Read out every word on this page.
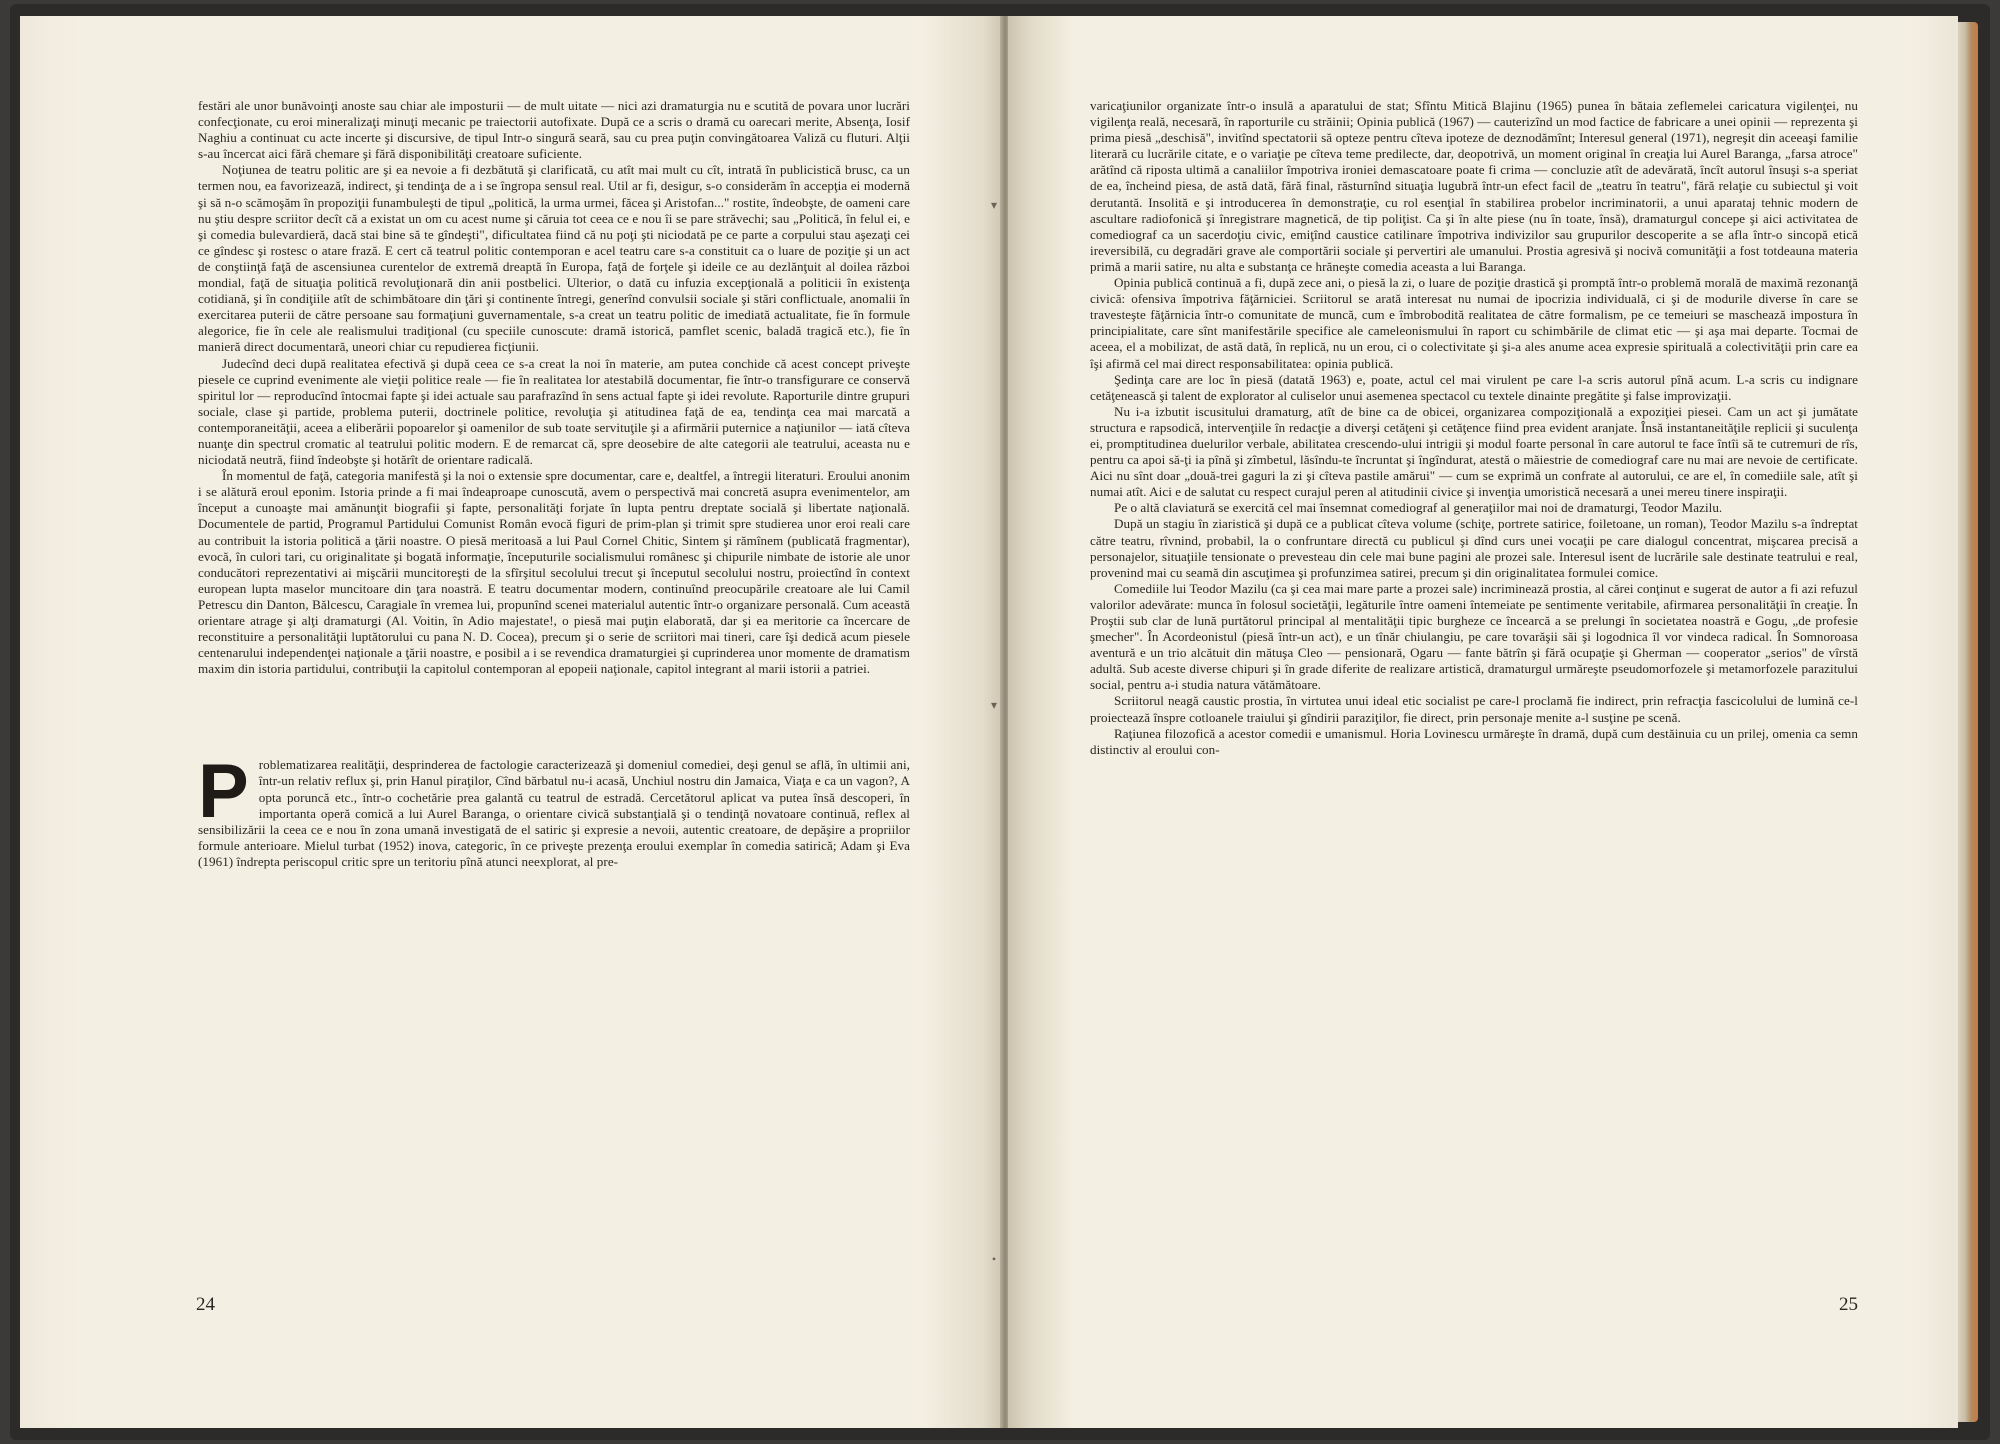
festări ale unor bunăvoinţi anoste sau chiar ale imposturii — de mult uitate — nici azi dramaturgia nu e scutită de povara unor lucrări confecţionate, cu eroi mineralizaţi minuţi mecanic pe traiectorii autofixate. După ce a scris o dramă cu oarecari merite, Absenţa, Iosif Naghiu a continuat cu acte incerte şi discursive, de tipul Intr-o singură seară, sau cu prea puţin convingătoarea Valiză cu fluturi. Alţii s-au încercat aici fără chemare şi fără disponibilităţi creatoare suficiente.

Noţiunea de teatru politic are şi ea nevoie a fi dezbătută şi clarificată, cu atît mai mult cu cît, intrată în publicistică brusc, ca un termen nou, ea favorizează, indirect, şi tendinţa de a i se îngropa sensul real. Util ar fi, desigur, s-o considerăm în accepţia ei modernă şi să n-o scămoşăm în propoziţii funambuleşti de tipul „politică, la urma urmei, făcea şi Aristofan..." rostite, îndeobşte, de oameni care nu ştiu despre scriitor decît că a existat un om cu acest nume şi căruia tot ceea ce e nou îi se pare străvechi; sau „Politică, în felul ei, e şi comedia bulevardieră, dacă stai bine să te gîndeşti", dificultatea fiind că nu poţi şti niciodată pe ce parte a corpului stau aşezaţi cei ce gîndesc şi rostesc o atare frază. E cert că teatrul politic contemporan e acel teatru care s-a constituit ca o luare de poziţie şi un act de conştiinţă faţă de ascensiunea curentelor de extremă dreaptă în Europa, faţă de forţele şi ideile ce au dezlănţuit al doilea război mondial, faţă de situaţia politică revoluţionară din anii postbelici. Ulterior, o dată cu infuzia excepţională a politicii în existenţa cotidiană, şi în condiţiile atît de schimbătoare din ţări şi continente întregi, generînd convulsii sociale şi stări conflictuale, anomalii în exercitarea puterii de către persoane sau formaţiuni guvernamentale, s-a creat un teatru politic de imediată actualitate, fie în formule alegorice, fie în cele ale realismului tradiţional (cu speciile cunoscute: dramă istorică, pamflet scenic, baladă tragică etc.), fie în manieră direct documentară, uneori chiar cu repudierea ficţiunii.

Judecînd deci după realitatea efectivă şi după ceea ce s-a creat la noi în materie, am putea conchide că acest concept priveşte piesele ce cuprind evenimente ale vieţii politice reale — fie în realitatea lor atestabilă documentar, fie într-o transfigurare ce conservă spiritul lor — reproducînd întocmai fapte şi idei actuale sau parafrazînd în sens actual fapte şi idei revolute. Raporturile dintre grupuri sociale, clase şi partide, problema puterii, doctrinele politice, revoluţia şi atitudinea faţă de ea, tendinţa cea mai marcată a contemporaneităţii, aceea a eliberării popoarelor şi oamenilor de sub toate servituţile şi a afirmării puternice a naţiunilor — iată cîteva nuanţe din spectrul cromatic al teatrului politic modern. E de remarcat că, spre deosebire de alte categorii ale teatrului, aceasta nu e niciodată neutră, fiind îndeobşte şi hotărît de orientare radicală.

În momentul de faţă, categoria manifestă şi la noi o extensie spre documentar, care e, dealtfel, a întregii literaturi. Eroului anonim i se alătură eroul eponim. Istoria prinde a fi mai îndeaproape cunoscută, avem o perspectivă mai concretă asupra evenimentelor, am început a cunoaşte mai amănunţit biografii şi fapte, personalităţi forjate în lupta pentru dreptate socială şi libertate naţională. Documentele de partid, Programul Partidului Comunist Român evocă figuri de prim-plan şi trimit spre studierea unor eroi reali care au contribuit la istoria politică a ţării noastre. O piesă meritoasă a lui Paul Cornel Chitic, Sintem şi rămînem (publicată fragmentar), evocă, în culori tari, cu originalitate şi bogată informaţie, începuturile socialismului românesc şi chipurile nimbate de istorie ale unor conducători reprezentativi ai mişcării muncitoreşti de la sfîrşitul secolului trecut şi începutul secolului nostru, proiectînd în context european lupta maselor muncitoare din ţara noastră. E teatru documentar modern, continuînd preocupările creatoare ale lui Camil Petrescu din Danton, Bălcescu, Caragiale în vremea lui, propunînd scenei materialul autentic într-o organizare personală. Cum această orientare atrage şi alţi dramaturgi (Al. Voitin, în Adio majestate!, o piesă mai puţin elaborată, dar şi ea meritorie ca încercare de reconstituire a personalităţii luptătorului cu pana N. D. Cocea), precum şi o serie de scriitori mai tineri, care îşi dedică acum piesele centenarului independenţei naţionale a ţării noastre, e posibil a i se revendica dramaturgiei şi cuprinderea unor momente de dramatism maxim din istoria partidului, contribuţii la capitolul contemporan al epopeii naţionale, capitol integrant al marii istorii a patriei.

Problematizarea realităţii, desprinderea de factologie caracterizează şi domeniul comediei, deşi genul se află, în ultimii ani, într-un relativ reflux şi, prin Hanul piraţilor, Cînd bărbatul nu-i acasă, Unchiul nostru din Jamaica, Viaţa e ca un vagon?, A opta poruncă etc., într-o cochetărie prea galantă cu teatrul de estradă. Cercetătorul aplicat va putea însă descoperi, în importanta operă comică a lui Aurel Baranga, o orientare civică substanţială şi o tendinţă novatoare continuă, reflex al sensibilizării la ceea ce e nou în zona umană investigată de el satiric şi expresie a nevoii, autentic creatoare, de depăşire a propriilor formule anterioare. Mielul turbat (1952) inova, categoric, în ce priveşte prezenţa eroului exemplar în comedia satirică; Adam şi Eva (1961) îndrepta periscopul critic spre un teritoriu pînă atunci neexplorat, al pre-

24
▾
▾
•

varicaţiunilor organizate într-o insulă a aparatului de stat; Sfîntu Mitică Blajinu (1965) punea în bătaia zeflemelei caricatura vigilenţei, nu vigilenţa reală, necesară, în raporturile cu străinii; Opinia publică (1967) — cauterizînd un mod factice de fabricare a unei opinii — reprezenta şi prima piesă „deschisă", invitînd spectatorii să opteze pentru cîteva ipoteze de deznodămînt; Interesul general (1971), negreşit din aceeaşi familie literară cu lucrările citate, e o variaţie pe cîteva teme predilecte, dar, deopotrivă, un moment original în creaţia lui Aurel Baranga, „farsa atroce" arătînd că riposta ultimă a canaliilor împotriva ironiei demascatoare poate fi crima — concluzie atît de adevărată, încît autorul însuşi s-a speriat de ea, încheind piesa, de astă dată, fără final, răsturnînd situaţia lugubră într-un efect facil de „teatru în teatru", fără relaţie cu subiectul şi voit derutantă. Insolită e şi introducerea în demonstraţie, cu rol esenţial în stabilirea probelor incriminatorii, a unui aparataj tehnic modern de ascultare radiofonică şi înregistrare magnetică, de tip poliţist. Ca şi în alte piese (nu în toate, însă), dramaturgul concepe şi aici activitatea de comediograf ca un sacerdoţiu civic, emiţînd caustice catilinare împotriva indivizilor sau grupurilor descoperite a se afla într-o sincopă etică ireversibilă, cu degradări grave ale comportării sociale şi pervertiri ale umanului. Prostia agresivă şi nocivă comunităţii a fost totdeauna materia primă a marii satire, nu alta e substanţa ce hrăneşte comedia aceasta a lui Baranga.

Opinia publică continuă a fi, după zece ani, o piesă la zi, o luare de poziţie drastică şi promptă într-o problemă morală de maximă rezonanţă civică: ofensiva împotriva făţărniciei. Scriitorul se arată interesat nu numai de ipocrizia individuală, ci şi de modurile diverse în care se travesteşte făţărnicia într-o comunitate de muncă, cum e îmbrobodită realitatea de către formalism, pe ce temeiuri se maschează impostura în principialitate, care sînt manifestările specifice ale cameleonismului în raport cu schimbările de climat etic — şi aşa mai departe. Tocmai de aceea, el a mobilizat, de astă dată, în replică, nu un erou, ci o colectivitate şi şi-a ales anume acea expresie spirituală a colectivităţii prin care ea îşi afirmă cel mai direct responsabilitatea: opinia publică.

Şedinţa care are loc în piesă (datată 1963) e, poate, actul cel mai virulent pe care l-a scris autorul pînă acum. L-a scris cu indignare cetăţenească şi talent de explorator al culiselor unui asemenea spectacol cu textele dinainte pregătite şi false improvizaţii.

Nu i-a izbutit iscusitului dramaturg, atît de bine ca de obicei, organizarea compoziţională a expoziţiei piesei. Cam un act şi jumătate structura e rapsodică, intervenţiile în redacţie a diverşi cetăţeni şi cetăţence fiind prea evident aranjate. Însă instantaneităţile replicii şi suculenţa ei, promptitudinea duelurilor verbale, abilitatea crescendo-ului intrigii şi modul foarte personal în care autorul te face întîi să te cutremuri de rîs, pentru ca apoi să-ţi ia pînă şi zîmbetul, lăsîndu-te încruntat şi îngîndurat, atestă o măiestrie de comediograf care nu mai are nevoie de certificate. Aici nu sînt doar „două-trei gaguri la zi şi cîteva pastile amărui" — cum se exprimă un confrate al autorului, ce are el, în comediile sale, atît şi numai atît. Aici e de salutat cu respect curajul peren al atitudinii civice şi invenţia umoristică necesară a unei mereu tinere inspiraţii.

Pe o altă claviatură se exercită cel mai însemnat comediograf al generaţiilor mai noi de dramaturgi, Teodor Mazilu.

După un stagiu în ziaristică şi după ce a publicat cîteva volume (schiţe, portrete satirice, foiletoane, un roman), Teodor Mazilu s-a îndreptat către teatru, rîvnind, probabil, la o confruntare directă cu publicul şi dînd curs unei vocaţii pe care dialogul concentrat, mişcarea precisă a personajelor, situaţiile tensionate o prevesteau din cele mai bune pagini ale prozei sale. Interesul isent de lucrările sale destinate teatrului e real, provenind mai cu seamă din ascuţimea şi profunzimea satirei, precum şi din originalitatea formulei comice.

Comediile lui Teodor Mazilu (ca şi cea mai mare parte a prozei sale) incriminează prostia, al cărei conţinut e sugerat de autor a fi azi refuzul valorilor adevărate: munca în folosul societăţii, legăturile între oameni întemeiate pe sentimente veritabile, afirmarea personalităţii în creaţie. În Proştii sub clar de lună purtătorul principal al mentalităţii tipic burgheze ce încearcă a se prelungi în societatea noastră e Gogu, „de profesie şmecher". În Acordeonistul (piesă într-un act), e un tînăr chiulangiu, pe care tovarăşii săi şi logodnica îl vor vindeca radical. În Somnoroasa aventură e un trio alcătuit din mătuşa Cleo — pensionară, Ogaru — fante bătrîn şi fără ocupaţie şi Gherman — cooperator „serios" de vîrstă adultă. Sub aceste diverse chipuri şi în grade diferite de realizare artistică, dramaturgul urmăreşte pseudomorfozele şi metamorfozele parazitului social, pentru a-i studia natura vătămătoare.

Scriitorul neagă caustic prostia, în virtutea unui ideal etic socialist pe care-l proclamă fie indirect, prin refracţia fascicolului de lumină ce-l proiectează înspre cotloanele traiului şi gîndirii paraziţilor, fie direct, prin personaje menite a-l susţine pe scenă.

Raţiunea filozofică a acestor comedii e umanismul. Horia Lovinescu urmăreşte în dramă, după cum destăinuia cu un prilej, omenia ca semn distinctiv al eroului con-

25
